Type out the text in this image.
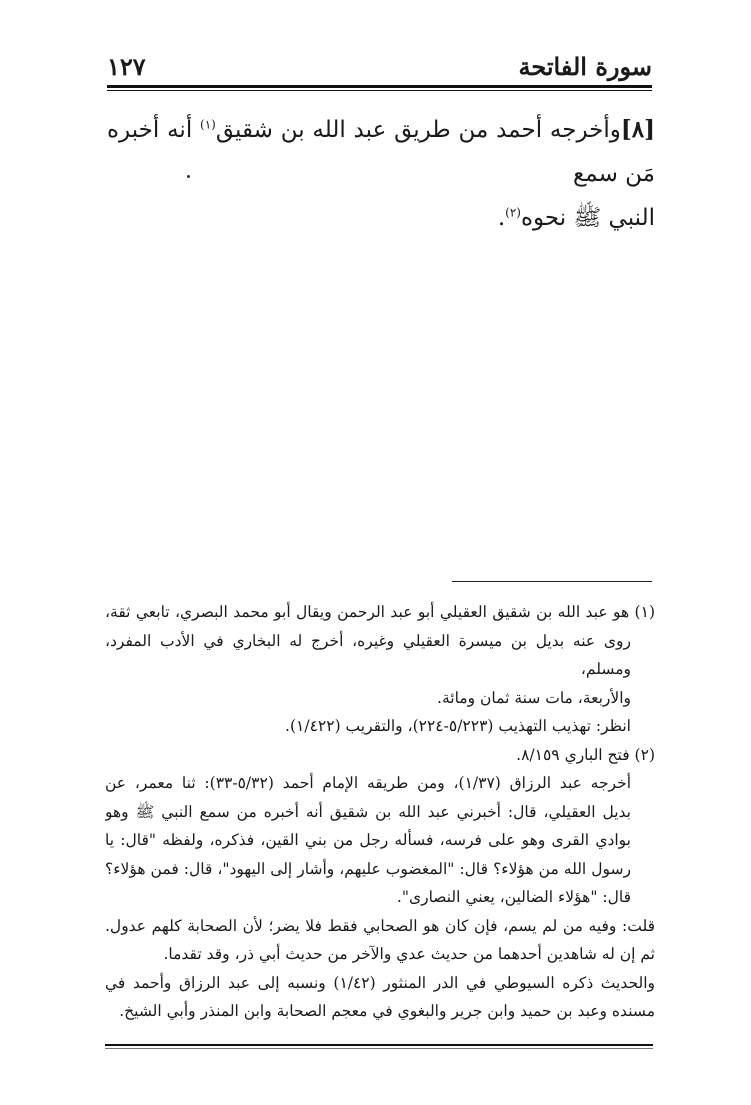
سورة الفاتحة
١٢٧
[٨]وأخرجه أحمد من طريق عبد الله بن شقيق$^{(١)}$ أنه أخبره مَن سمع
النبي ﷺ نحوه$^{(٢)}$.

(١) هو عبد الله بن شقيق العقيلي أبو عبد الرحمن ويقال أبو محمد البصري، تابعي ثقة،

روى عنه بديل بن ميسرة العقيلي وغيره، أخرج له البخاري في الأدب المفرد، ومسلم،

والأربعة، مات سنة ثمان ومائة.

انظر: تهذيب التهذيب (٥/٢٢٣-٢٢٤)، والتقريب (١/٤٢٢).

(٢) فتح الباري ٨/١٥٩.

أخرجه عبد الرزاق (١/٣٧)، ومن طريقه الإمام أحمد (٥/٣٢-٣٣): ثنا معمر، عن

بديل العقيلي، قال: أخبرني عبد الله بن شقيق أنه أخبره من سمع النبي ﷺ وهو

بوادي القرى وهو على فرسه، فسأله رجل من بني القين، فذكره، ولفظه "قال: يا

رسول الله من هؤلاء؟ قال: "المغضوب عليهم، وأشار إلى اليهود"، قال: فمن هؤلاء؟

قال: "هؤلاء الضالين، يعني النصارى".

قلت: وفيه من لم يسم، فإن كان هو الصحابي فقط فلا يضر؛ لأن الصحابة كلهم عدول.

ثم إن له شاهدين أحدهما من حديث عدي والآخر من حديث أبي ذر، وقد تقدما.

والحديث ذكره السيوطي في الدر المنثور (١/٤٢) ونسبه إلى عبد الرزاق وأحمد في

مسنده وعبد بن حميد وابن جرير والبغوي في معجم الصحابة وابن المنذر وأبي الشيخ.
